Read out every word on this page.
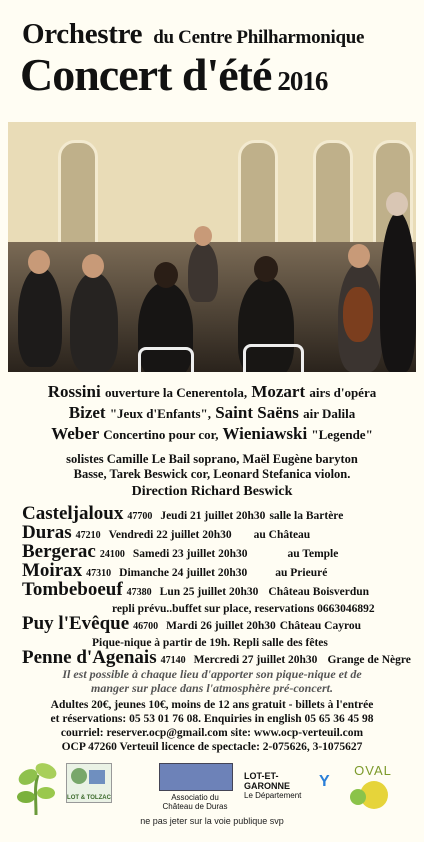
Orchestre du Centre Philharmonique
Concert d'été 2016
Rossini ouverture la Cenerentola, Mozart airs d'opéra
Bizet "Jeux d'Enfants", Saint Saëns air Dalila
Weber Concertino pour cor, Wieniawski "Legende"
solistes Camille Le Bail soprano, Maël Eugène baryton
Basse, Tarek Beswick cor, Leonard Stefanica violon.
Direction Richard Beswick
Casteljaloux 47700 Jeudi 21 juillet 20h30 salle la Bartère
Duras 47210 Vendredi 22 juillet 20h30 au Château
Bergerac 24100 Samedi 23 juillet 20h30	au Temple
Moirax 47310 Dimanche 24 juillet 20h30 au Prieuré
Tombeboeuf 47380 Lun 25 juillet 20h30 Château Boisverdun
repli prévu..buffet sur place, reservations 0663046892
Puy l'Evêque 46700 Mardi 26 juillet 20h30 Château Cayrou
Pique-nique à partir de 19h. Repli salle des fêtes
Penne d'Agenais 47140 Mercredi 27 juillet 20h30 Grange de Nègre
Il est possible à chaque lieu d'apporter son pique-nique et de
manger sur place dans l'atmosphère pré-concert.
Adultes 20€, jeunes 10€, moins de 12 ans gratuit - billets à l'entrée
et réservations: 05 53 01 76 08. Enquiries in english 05 65 36 45 98
courriel: reserver.ocp@gmail.com site: www.ocp-verteuil.com
OCP 47260 Verteuil licence de spectacle: 2-075626, 3-1075627
LOT & TOLZAC	Associatio du
Château de Duras
LOT-ET-GARONNE
Le Département
Y
OVAL
ne pas jeter sur la voie publique svp
